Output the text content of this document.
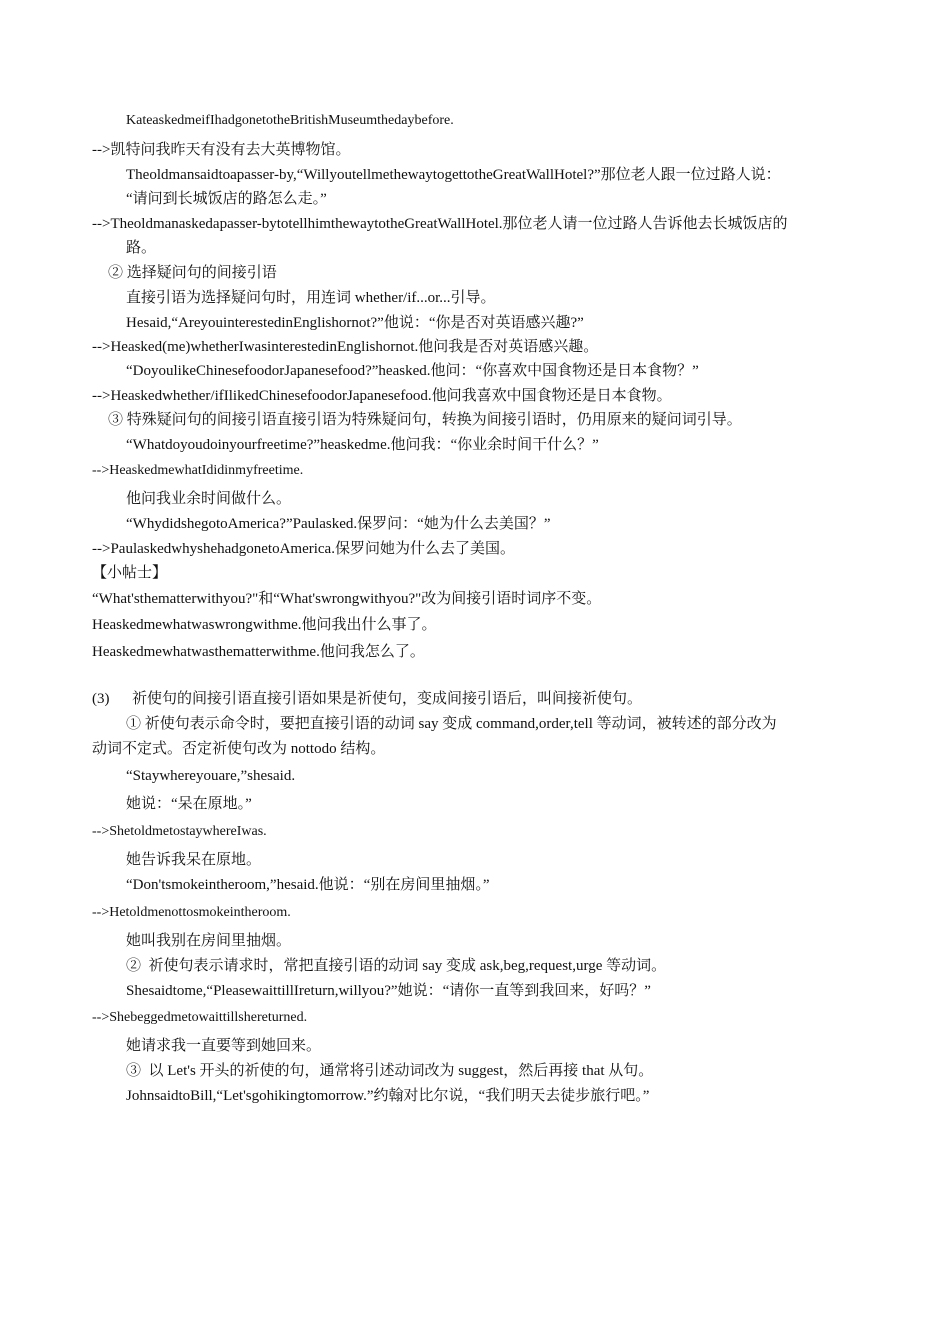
KateaskedmeifIhadgonetotheBritishMuseumthedaybefore.
-->凯特问我昨天有没有去大英博物馆。
Theoldmansaidtoapasser-by,“WillyoutellmethewaytogettotheGreatWallHotel?”那位老人跟一位过路人说：
“请问到长城饭店的路怎么走。”
-->Theoldmanaskedapasser-bytotellhimthewaytotheGreatWallHotel.那位老人请一位过路人告诉他去长城饭店的
路。
② 选择疑问句的间接引语
直接引语为选择疑问句时，用连词 whether/if...or...引导。
Hesaid,“AreyouinterestedinEnglishornot?”他说：“你是否对英语感兴趣?”
-->Heasked(me)whetherIwasinterestedinEnglishornot.他问我是否对英语感兴趣。
“DoyoulikeChinesefoodorJapanesefood?”heasked.他问：“你喜欢中国食物还是日本食物？”
-->Heaskedwhether/ifIlikedChinesefoodorJapanesefood.他问我喜欢中国食物还是日本食物。
③ 特殊疑问句的间接引语直接引语为特殊疑问句，转换为间接引语时，仍用原来的疑问词引导。
“Whatdoyoudoinyourfreetime?”heaskedme.他问我：“你业余时间干什么？”
-->HeaskedmewhatIdidinmyfreetime.
他问我业余时间做什么。
“WhydidshegotoAmerica?”Paulasked.保罗问：“她为什么去美国？”
-->PaulaskedwhyshehadgonetoAmerica.保罗问她为什么去了美国。
【小帖士】
“What'sthematterwithyou?"和“What'swrongwithyou?"改为间接引语时词序不变。
Heaskedmewhatwaswrongwithme.他问我出什么事了。
Heaskedmewhatwasthematterwithme.他问我怎么了。
(3)      祈使句的间接引语直接引语如果是祈使句，变成间接引语后，叫间接祈使句。
① 祈使句表示命令时，要把直接引语的动词 say 变成 command,order,tell 等动词，被转述的部分改为
动词不定式。否定祈使句改为 nottodo 结构。
“Staywhereyouare,”shesaid.
她说：“呆在原地。”
-->ShetoldmetostaywhereIwas.
她告诉我呆在原地。
“Don'tsmokeintheroom,”hesaid.他说：“别在房间里抽烟。”
-->Hetoldmenottosmokeintheroom.
她叫我别在房间里抽烟。
②  祈使句表示请求时，常把直接引语的动词 say 变成 ask,beg,request,urge 等动词。
Shesaidtome,“PleasewaittillIreturn,willyou?”她说：“请你一直等到我回来，好吗？”
-->Shebeggedmetowaittillshereturned.
她请求我一直要等到她回来。
③  以 Let's 开头的祈使的句，通常将引述动词改为 suggest，然后再接 that 从句。
JohnsaidtoBill,“Let'sgohikingtomorrow.”约翰对比尔说，“我们明天去徒步旅行吧。”
